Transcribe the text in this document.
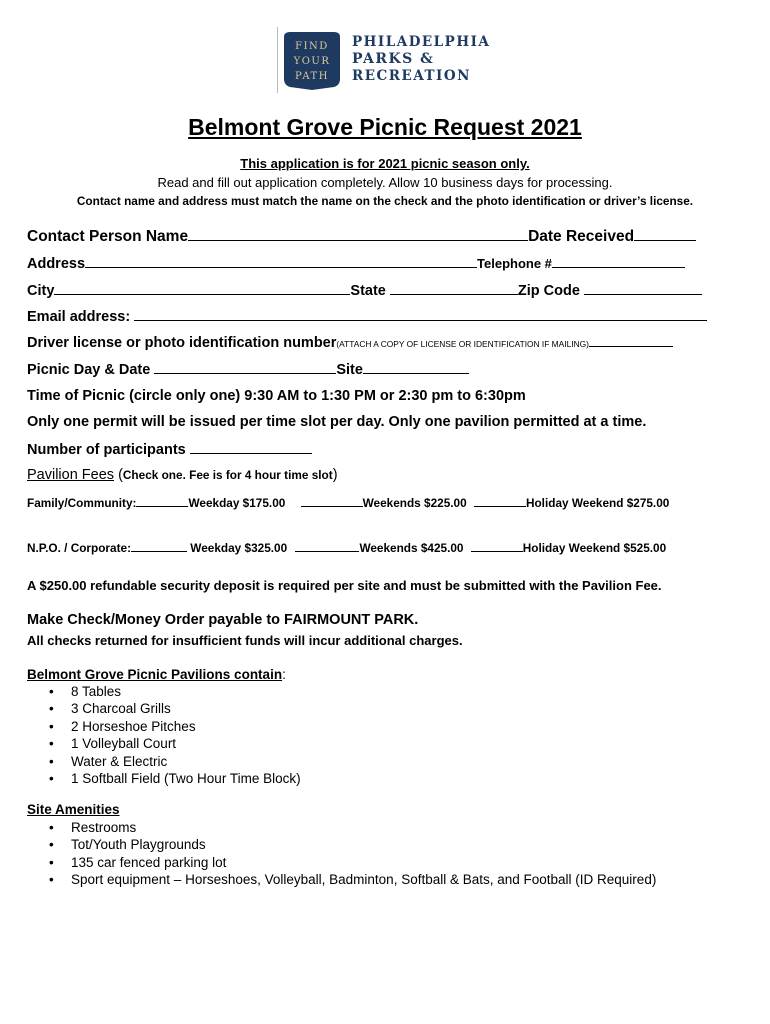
FIND
YOUR
PATH
PHILADELPHIA
PARKS &
RECREATION
Belmont Grove Picnic Request 2021
This application is for 2021 picnic season only.
Read and fill out application completely. Allow 10 business days for processing.
Contact name and address must match the name on the check and the photo identification or driver’s license.
Contact Person Name	Date Received
Address	Telephone #
City	State	Zip Code
Email address:
Driver license or photo identification number(ATTACH A COPY OF LICENSE OR IDENTIFICATION IF MAILING)
Picnic Day & Date	Site
Time of Picnic (circle only one) 9:30 AM to 1:30 PM or 2:30 pm to 6:30pm
Only one permit will be issued per time slot per day. Only one pavilion permitted at a time.
Number of participants
Pavilion Fees (Check one. Fee is for 4 hour time slot)
Family/Community:	Weekday $175.00	Weekends $225.00	Holiday Weekend $275.00
N.P.O. / Corporate:	Weekday $325.00	Weekends $425.00	Holiday Weekend $525.00
A $250.00 refundable security deposit is required per site and must be submitted with the Pavilion Fee.
Make Check/Money Order payable to FAIRMOUNT PARK.
All checks returned for insufficient funds will incur additional charges.
Belmont Grove Picnic Pavilions contain:
• 8 Tables
• 3 Charcoal Grills
• 2 Horseshoe Pitches
• 1 Volleyball Court
• Water & Electric
• 1 Softball Field (Two Hour Time Block)
Site Amenities
• Restrooms
• Tot/Youth Playgrounds
• 135 car fenced parking lot
• Sport equipment – Horseshoes, Volleyball, Badminton, Softball & Bats, and Football (ID Required)
